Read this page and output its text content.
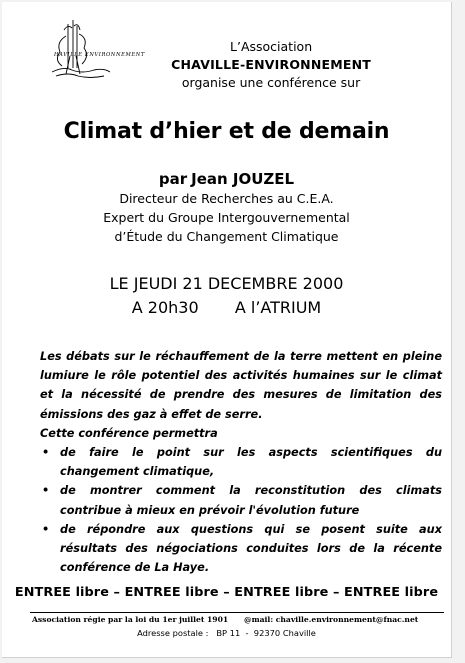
HAVILLE ENVIRONNEMENT
L’Association
CHAVILLE-ENVIRONNEMENT
organise une conférence sur
Climat d’hier et de demain
par Jean JOUZEL
Directeur de Recherches au C.E.A.
Expert du Groupe Intergouvernemental
d’Étude du Changement Climatique
LE JEUDI 21 DECEMBRE 2000
A 20h30 A l’ATRIUM

Les débats sur le réchauffement de la terre mettent en pleine lumiure le rôle potentiel des activités humaines sur le climat et la nécessité de prendre des mesures de limitation des émissions des gaz à effet de serre.

Cette conférence permettra

• de faire le point sur les aspects scientifiques du changement climatique,
• de montrer comment la reconstitution des climats contribue à mieux en prévoir l'évolution future
• de répondre aux questions qui se posent suite aux résultats des négociations conduites lors de la récente conférence de La Haye.
ENTREE libre – ENTREE libre – ENTREE libre – ENTREE libre
Association régie par la loi du 1er juillet 1901 @mail: chaville.environnement@fnac.net
Adresse postale :   BP 11  -  92370 Chaville
